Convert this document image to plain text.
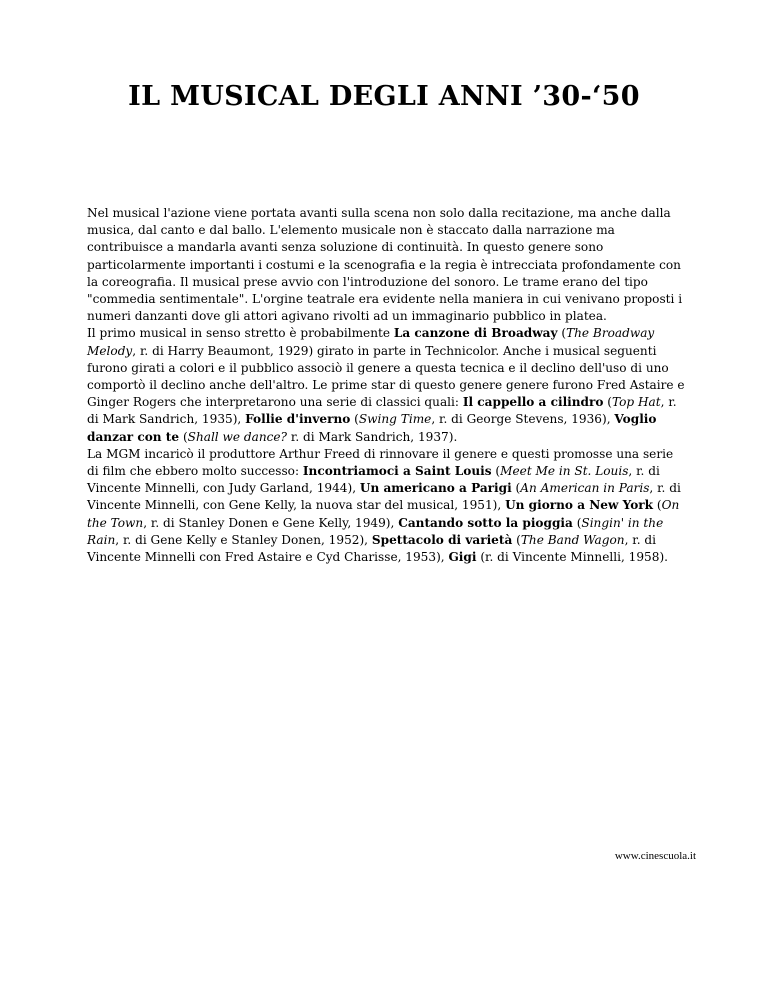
IL MUSICAL DEGLI ANNI ’30-‘50

Nel musical l'azione viene portata avanti sulla scena non solo dalla recitazione, ma anche dalla musica, dal canto e dal ballo. L'elemento musicale non è staccato dalla narrazione ma contribuisce a mandarla avanti senza soluzione di continuità. In questo genere sono particolarmente importanti i costumi e la scenografia e la regia è intrecciata profondamente con la coreografia. Il musical prese avvio con l'introduzione del sonoro. Le trame erano del tipo "commedia sentimentale". L'orgine teatrale era evidente nella maniera in cui venivano proposti i numeri danzanti dove gli attori agivano rivolti ad un immaginario pubblico in platea.

Il primo musical in senso stretto è probabilmente La canzone di Broadway (The Broadway Melody, r. di Harry Beaumont, 1929) girato in parte in Technicolor. Anche i musical seguenti furono girati a colori e il pubblico associò il genere a questa tecnica e il declino dell'uso di uno comportò il declino anche dell'altro. Le prime star di questo genere genere furono Fred Astaire e Ginger Rogers che interpretarono una serie di classici quali: Il cappello a cilindro (Top Hat, r. di Mark Sandrich, 1935), Follie d'inverno (Swing Time, r. di George Stevens, 1936), Voglio danzar con te (Shall we dance? r. di Mark Sandrich, 1937).

La MGM incaricò il produttore Arthur Freed di rinnovare il genere e questi promosse una serie di film che ebbero molto successo: Incontriamoci a Saint Louis (Meet Me in St. Louis, r. di Vincente Minnelli, con Judy Garland, 1944), Un americano a Parigi (An American in Paris, r. di Vincente Minnelli, con Gene Kelly, la nuova star del musical, 1951), Un giorno a New York (On the Town, r. di Stanley Donen e Gene Kelly, 1949), Cantando sotto la pioggia (Singin' in the Rain, r. di Gene Kelly e Stanley Donen, 1952), Spettacolo di varietà (The Band Wagon, r. di Vincente Minnelli con Fred Astaire e Cyd Charisse, 1953), Gigi (r. di Vincente Minnelli, 1958).

www.cinescuola.it
